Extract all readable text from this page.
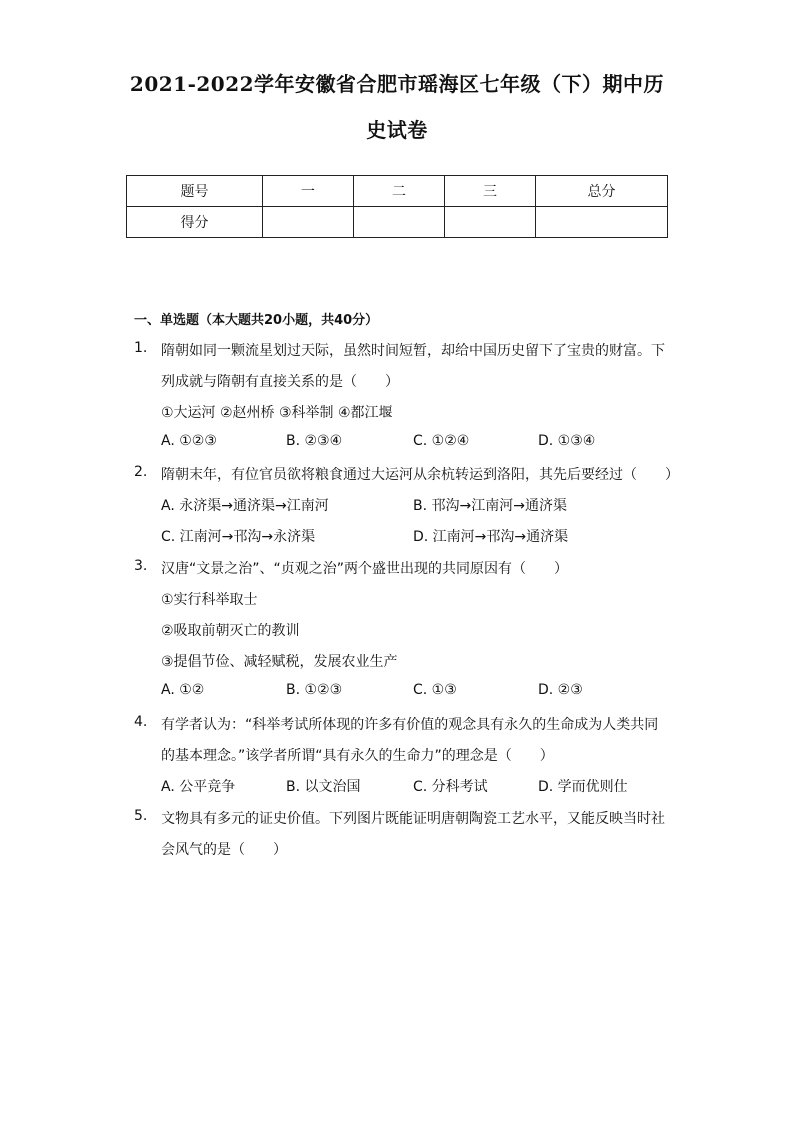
2021-2022学年安徽省合肥市瑶海区七年级（下）期中历
史试卷
题号	一	二	三	总分
得分				
一、单选题（本大题共20小题，共40分）
1. 隋朝如同一颗流星划过天际，虽然时间短暂，却给中国历史留下了宝贵的财富。下
列成就与隋朝有直接关系的是（　　）
①大运河 ②赵州桥 ③科举制 ④都江堰
A. ①②③	B. ②③④	C. ①②④	D. ①③④
2. 隋朝末年，有位官员欲将粮食通过大运河从余杭转运到洛阳，其先后要经过（　　）
A. 永济渠→通济渠→江南河	B. 邗沟→江南河→通济渠
C. 江南河→邗沟→永济渠	D. 江南河→邗沟→通济渠
3. 汉唐“文景之治”、“贞观之治”两个盛世出现的共同原因有（　　）
①实行科举取士
②吸取前朝灭亡的教训
③提倡节俭、减轻赋税，发展农业生产
A. ①②	B. ①②③	C. ①③	D. ②③
4. 有学者认为：“科举考试所体现的许多有价值的观念具有永久的生命成为人类共同
的基本理念。”该学者所谓“具有永久的生命力”的理念是（　　）
A. 公平竞争	B. 以文治国	C. 分科考试	D. 学而优则仕
5. 文物具有多元的证史价值。下列图片既能证明唐朝陶瓷工艺水平，又能反映当时社
会风气的是（　　）
